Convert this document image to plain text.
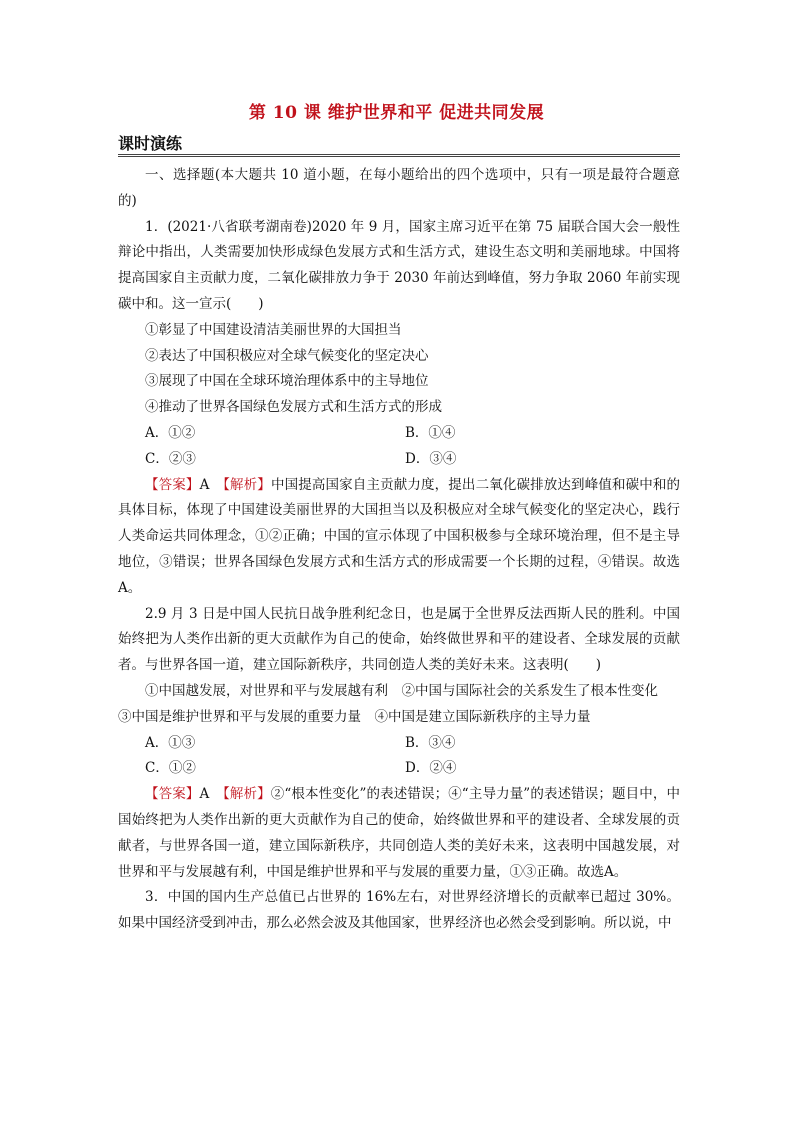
第 10 课 维护世界和平 促进共同发展
课时演练

一、选择题(本大题共 10 道小题，在每小题给出的四个选项中，只有一项是最符合题意的)

1．(2021·八省联考湖南卷)2020 年 9 月，国家主席习近平在第 75 届联合国大会一般性辩论中指出，人类需要加快形成绿色发展方式和生活方式，建设生态文明和美丽地球。中国将提高国家自主贡献力度，二氧化碳排放力争于 2030 年前达到峰值，努力争取 2060 年前实现碳中和。这一宣示(　　)

①彰显了中国建设清洁美丽世界的大国担当

②表达了中国积极应对全球气候变化的坚定决心

③展现了中国在全球环境治理体系中的主导地位

④推动了世界各国绿色发展方式和生活方式的形成

A．①②	B．①④
C．②③	D．③④

【答案】A　 【解析】中国提高国家自主贡献力度，提出二氧化碳排放达到峰值和碳中和的具体目标，体现了中国建设美丽世界的大国担当以及积极应对全球气候变化的坚定决心，践行人类命运共同体理念，①②正确；中国的宣示体现了中国积极参与全球环境治理，但不是主导地位，③错误；世界各国绿色发展方式和生活方式的形成需要一个长期的过程，④错误。故选A。

2.9 月 3 日是中国人民抗日战争胜利纪念日，也是属于全世界反法西斯人民的胜利。中国始终把为人类作出新的更大贡献作为自己的使命，始终做世界和平的建设者、全球发展的贡献者。与世界各国一道，建立国际新秩序，共同创造人类的美好未来。这表明(　　)

①中国越发展，对世界和平与发展越有利　②中国与国际社会的关系发生了根本性变化

③中国是维护世界和平与发展的重要力量　④中国是建立国际新秩序的主导力量

A．①③	B．③④
C．①②	D．②④

【答案】A　 【解析】②“根本性变化”的表述错误；④“主导力量”的表述错误；题目中，中国始终把为人类作出新的更大贡献作为自己的使命，始终做世界和平的建设者、全球发展的贡献者，与世界各国一道，建立国际新秩序，共同创造人类的美好未来，这表明中国越发展，对世界和平与发展越有利，中国是维护世界和平与发展的重要力量，①③正确。故选A。

3．中国的国内生产总值已占世界的 16%左右，对世界经济增长的贡献率已超过 30%。如果中国经济受到冲击，那么必然会波及其他国家，世界经济也必然会受到影响。所以说，中
